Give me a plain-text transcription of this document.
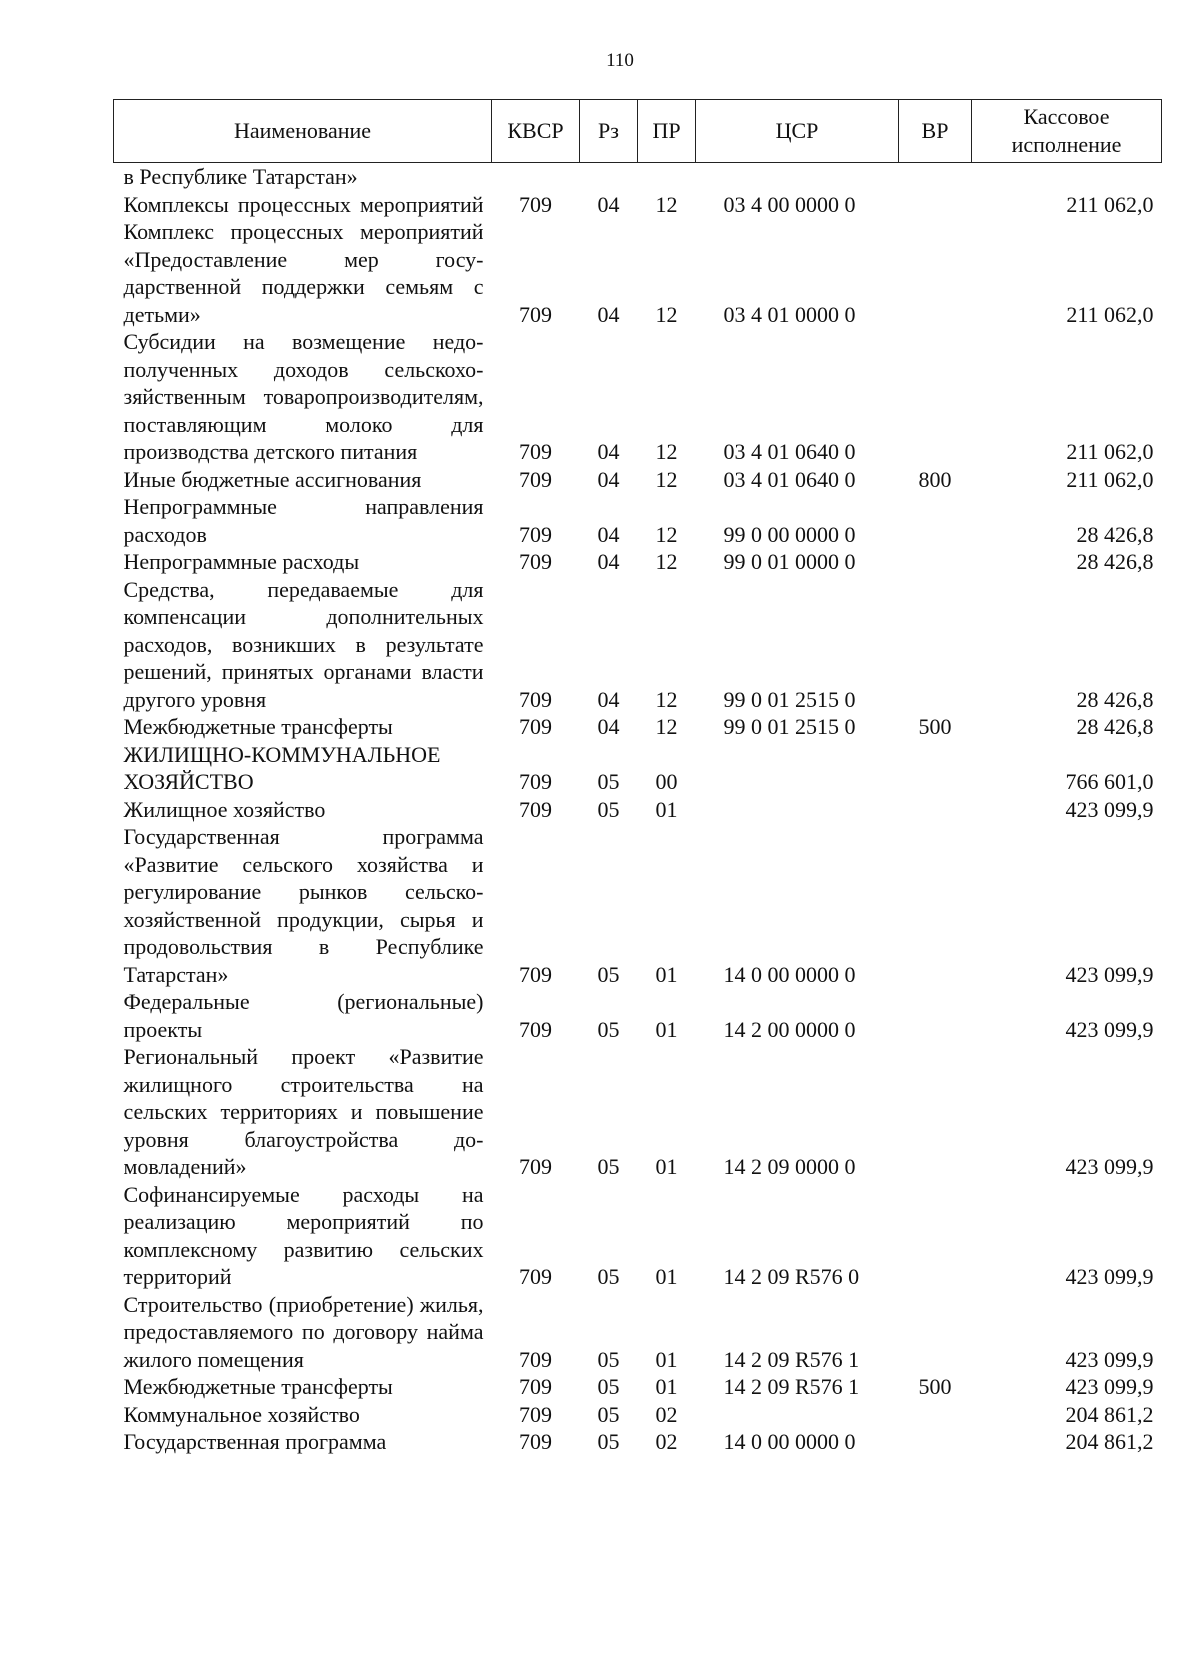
110
Наименование	КВСР	Рз	ПР	ЦСР	ВР	Кассовое исполнение
в Республике Татарстан»						
Комплексы процессных мероприятий	709	04	12	03 4 00 0000 0		211 062,0
Комплекс процессных мероприятий «Предоставление мер государственной поддержки семьям с детьми»	709	04	12	03 4 01 0000 0		211 062,0
Субсидии на возмещение недополученных доходов сельскохозяйственным товаропроизводителям, поставляющим молоко для производства детского питания	709	04	12	03 4 01 0640 0		211 062,0
Иные бюджетные ассигнования	709	04	12	03 4 01 0640 0	800	211 062,0
Непрограммные направления расходов	709	04	12	99 0 00 0000 0		28 426,8
Непрограммные расходы	709	04	12	99 0 01 0000 0		28 426,8
Средства, передаваемые для компенсации дополнительных расходов, возникших в результате решений, принятых органами власти другого уровня	709	04	12	99 0 01 2515 0		28 426,8
Межбюджетные трансферты	709	04	12	99 0 01 2515 0	500	28 426,8
ЖИЛИЩНО-КОММУНАЛЬНОЕ ХОЗЯЙСТВО	709	05	00			766 601,0
Жилищное хозяйство	709	05	01			423 099,9
Государственная программа «Развитие сельского хозяйства и регулирование рынков сельскохозяйственной продукции, сырья и продовольствия в Республике Татарстан»	709	05	01	14 0 00 0000 0		423 099,9
Федеральные (региональные) проекты	709	05	01	14 2 00 0000 0		423 099,9
Региональный проект «Развитие жилищного строительства на сельских территориях и повышение уровня благоустройства домовладений»	709	05	01	14 2 09 0000 0		423 099,9
Софинансируемые расходы на реализацию мероприятий по комплексному развитию сельских территорий	709	05	01	14 2 09 R576 0		423 099,9
Строительство (приобретение) жилья, предоставляемого по договору найма жилого помещения	709	05	01	14 2 09 R576 1		423 099,9
Межбюджетные трансферты	709	05	01	14 2 09 R576 1	500	423 099,9
Коммунальное хозяйство	709	05	02			204 861,2
Государственная программа	709	05	02	14 0 00 0000 0		204 861,2
